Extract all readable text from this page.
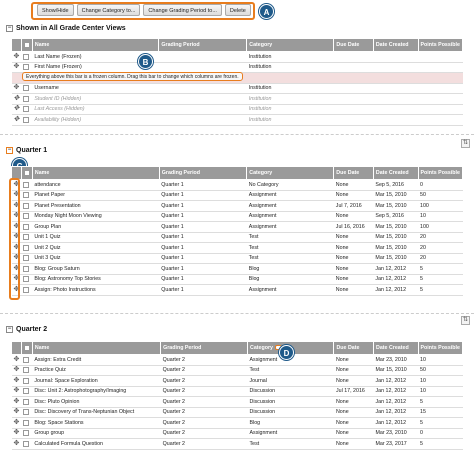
Show/Hide	Change Category to...	Change Grading Period to...	Delete	A
− Shown in All Grade Center Views
		Name	Grading Period	Category	Due Date	Date Created	Points Possible
✥		Last Name (Frozen)		Institution			
✥		First Name (Frozen)		Institution			

✥		Username		Institution			
✥		Student ID (Hidden)		Institution			
✥		Last Access (Hidden)		Institution			
✥		Availability (Hidden)		Institution			
Everything above this bar is a frozen column. Drag this bar to change which columns are frozen.
B
⇅
− Quarter 1
		Name	Grading Period	Category	Due Date	Date Created	Points Possible
✥		attendance	Quarter 1	No Category	None	Sep 5, 2016	0
✥		Planet Paper	Quarter 1	Assignment	None	Mar 15, 2010	50
✥		Planet Presentation	Quarter 1	Assignment	Jul 7, 2016	Mar 15, 2010	100
✥		Monday Night Moon Viewing	Quarter 1	Assignment	None	Sep 5, 2016	10
✥		Group Plan	Quarter 1	Assignment	Jul 16, 2016	Mar 15, 2010	100
✥		Unit 1 Quiz	Quarter 1	Test	None	Mar 15, 2010	20
✥		Unit 2 Quiz	Quarter 1	Test	None	Mar 15, 2010	20
✥		Unit 3 Quiz	Quarter 1	Test	None	Mar 15, 2010	20
✥		Blog: Group Saturn	Quarter 1	Blog	None	Jan 12, 2012	5
✥		Blog: Astronomy Top Stories	Quarter 1	Blog	None	Jan 12, 2012	5
✥		Assign: Photo Instructions	Quarter 1	Assignment	None	Jan 12, 2012	5
⇅
− Quarter 2
		Name	Grading Period	Category	Due Date	Date Created	Points Possible
✥		Assign: Extra Credit	Quarter 2	Assignment	None	Mar 23, 2010	10
✥		Practice Quiz	Quarter 2	Test	None	Mar 15, 2010	50
✥		Journal: Space Exploration	Quarter 2	Journal	None	Jan 12, 2012	10
✥		Disc: Unit 2: Astrophotography/Imaging	Quarter 2	Discussion	Jul 17, 2016	Jan 12, 2012	10
✥		Disc: Pluto Opinion	Quarter 2	Discussion	None	Jan 12, 2012	5
✥		Disc: Discovery of Trans-Neptunian Object	Quarter 2	Discussion	None	Jan 12, 2012	15
✥		Blog: Space Stations	Quarter 2	Blog	None	Jan 12, 2012	5
✥		Group group	Quarter 2	Assignment	None	Mar 23, 2010	0
✥		Calculated Formula Question	Quarter 2	Test	None	Mar 23, 2017	5
D
